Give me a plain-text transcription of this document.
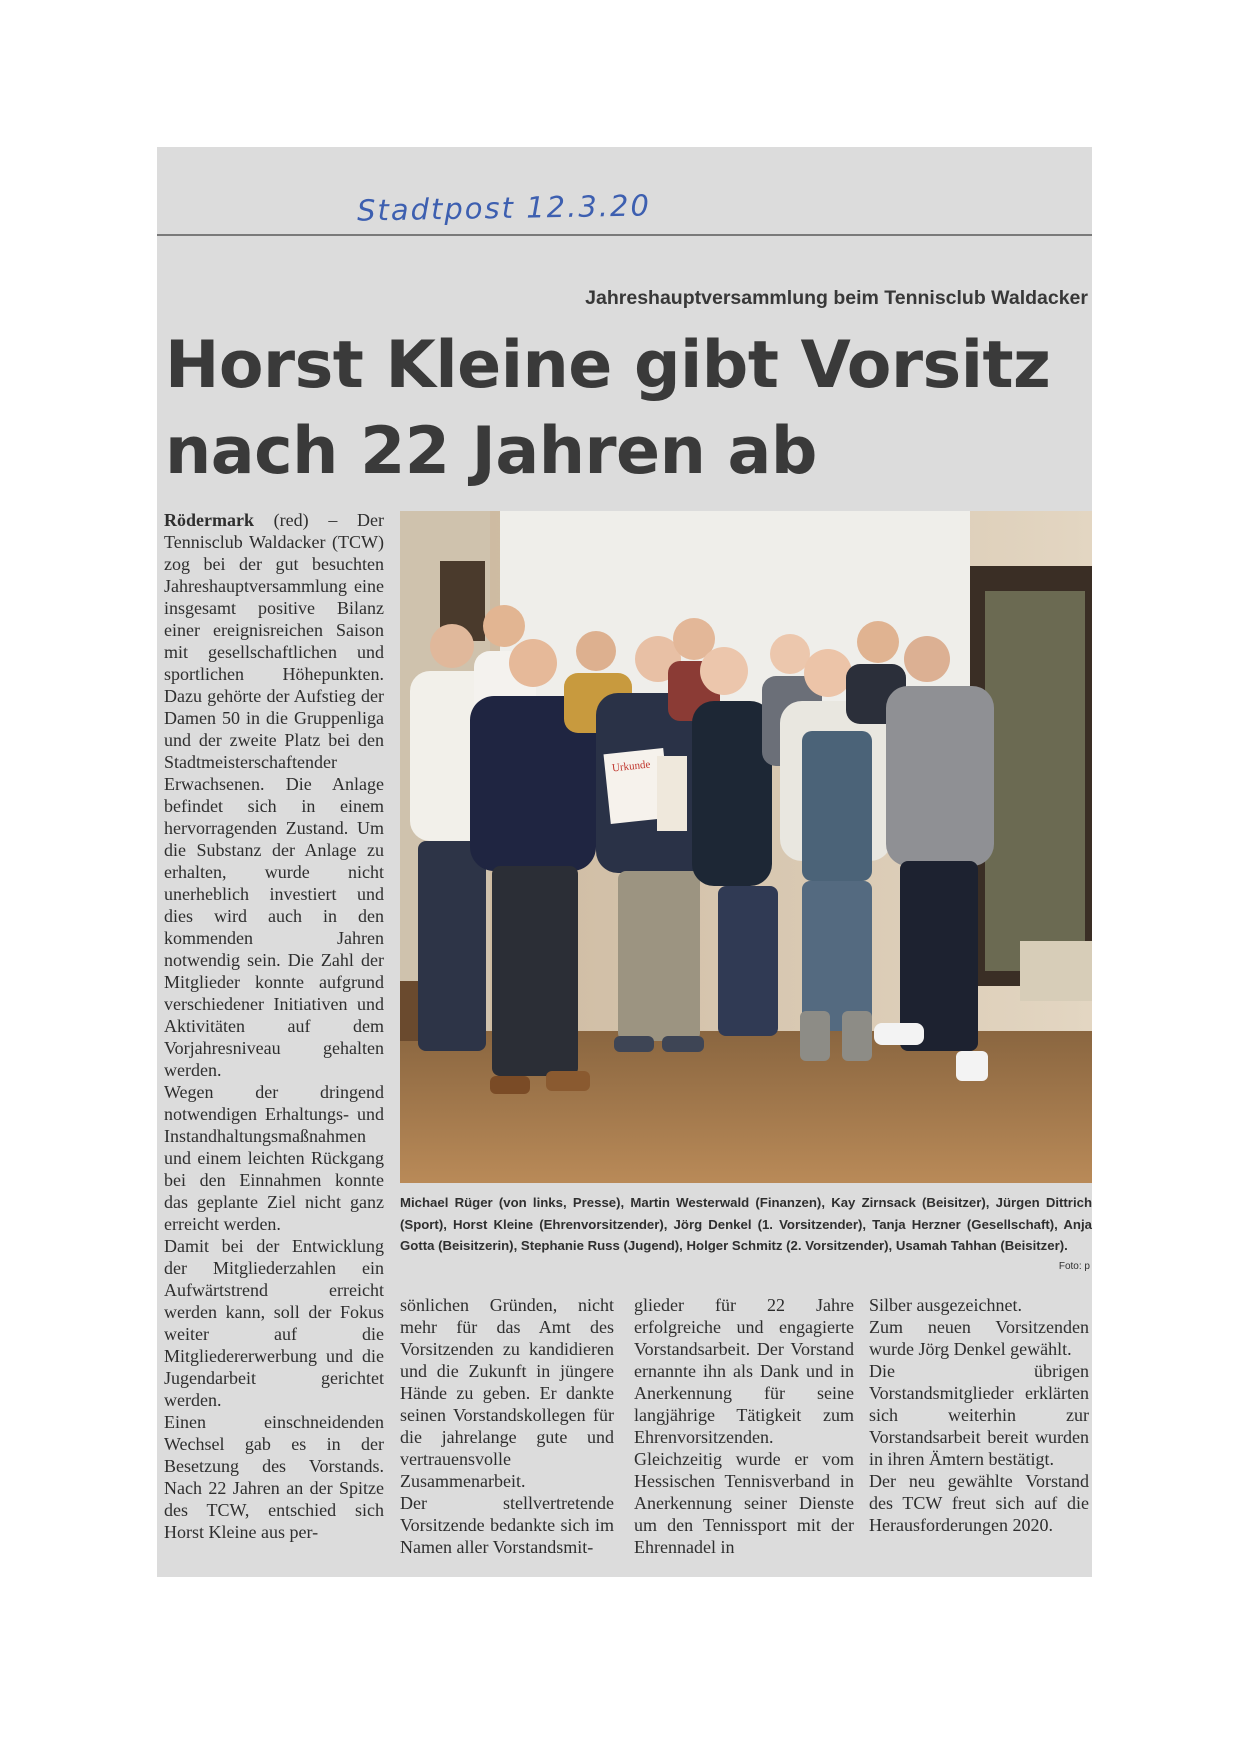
Stadtpost 12.3.20
Jahreshauptversammlung beim Tennisclub Waldacker
Horst Kleine gibt Vorsitz
nach 22 Jahren ab

Rödermark (red) – Der Tennisclub Waldacker (TCW) zog bei der gut besuchten Jahreshauptversammlung eine insgesamt positive Bilanz einer ereignisreichen Saison mit gesellschaftlichen und sportlichen Höhepunkten. Dazu gehörte der Aufstieg der Damen 50 in die Gruppenliga und der zweite Platz bei den Stadtmeisterschaftender Erwachsenen. Die Anlage befindet sich in einem hervorragenden Zustand. Um die Substanz der Anlage zu erhalten, wurde nicht unerheblich investiert und dies wird auch in den kommenden Jahren notwendig sein. Die Zahl der Mitglieder konnte aufgrund verschiedener Initiativen und Aktivitäten auf dem Vorjahresniveau gehalten werden.

Wegen der dringend notwendigen Erhaltungs- und Instandhaltungsmaßnahmen und einem leichten Rückgang bei den Einnahmen konnte das geplante Ziel nicht ganz erreicht werden.

Damit bei der Entwicklung der Mitgliederzahlen ein Aufwärtstrend erreicht werden kann, soll der Fokus weiter auf die Mitgliedererwerbung und die Jugendarbeit gerichtet werden.

Einen einschneidenden Wechsel gab es in der Besetzung des Vorstands. Nach 22 Jahren an der Spitze des TCW, entschied sich Horst Kleine aus per-

Urkunde
Michael Rüger (von links, Presse), Martin Westerwald (Finanzen), Kay Zirnsack (Beisitzer), Jürgen Dittrich (Sport), Horst Kleine (Ehrenvorsitzender), Jörg Denkel (1. Vorsitzender), Tanja Herzner (Gesellschaft), Anja Gotta (Beisitzerin), Stephanie Russ (Jugend), Holger Schmitz (2. Vorsitzender), Usamah Tahhan (Beisitzer).
Foto: p

sönlichen Gründen, nicht mehr für das Amt des Vorsitzenden zu kandidieren und die Zukunft in jüngere Hände zu geben. Er dankte seinen Vorstandskollegen für die jahrelange gute und vertrauensvolle Zusammenarbeit.

Der stellvertretende Vorsitzende bedankte sich im Namen aller Vorstandsmit-

glieder für 22 Jahre erfolgreiche und engagierte Vorstandsarbeit. Der Vorstand ernannte ihn als Dank und in Anerkennung für seine langjährige Tätigkeit zum Ehrenvorsitzenden.

Gleichzeitig wurde er vom Hessischen Tennisverband in Anerkennung seiner Dienste um den Tennissport mit der Ehrennadel in

Silber ausgezeichnet.

Zum neuen Vorsitzenden wurde Jörg Denkel gewählt.

Die übrigen Vorstandsmitglieder erklärten sich weiterhin zur Vorstandsarbeit bereit wurden in ihren Ämtern bestätigt.

Der neu gewählte Vorstand des TCW freut sich auf die Herausforderungen 2020.
